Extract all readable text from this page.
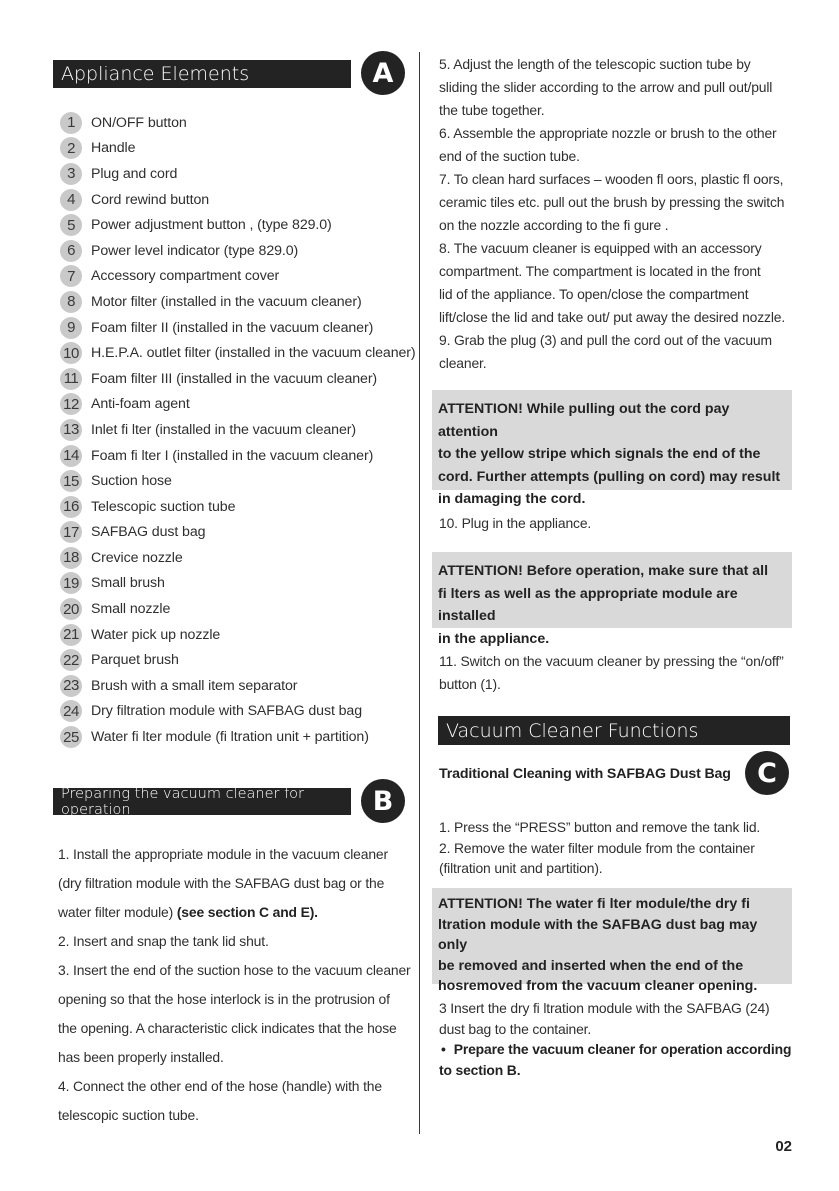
Appliance Elements	A
1	ON/OFF button
2	Handle
3	Plug and cord
4	Cord rewind button
5	Power adjustment button , (type 829.0)
6	Power level indicator (type 829.0)
7	Accessory compartment cover
8	Motor filter (installed in the vacuum cleaner)
9	Foam filter II (installed in the vacuum cleaner)
10 H.E.P.A. outlet filter (installed in the vacuum cleaner)
11 Foam filter III (installed in the vacuum cleaner)
12 Anti-foam agent
13 Inlet fi lter (installed in the vacuum cleaner)
14 Foam fi lter I (installed in the vacuum cleaner)
15 Suction hose
16 Telescopic suction tube
17 SAFBAG dust bag
18 Crevice nozzle
19 Small brush
20 Small nozzle
21 Water pick up nozzle
22 Parquet brush
23 Brush with a small item separator
24 Dry filtration module with SAFBAG dust bag
25 Water fi lter module (fi ltration unit + partition)
Preparing the vacuum cleaner for operation	B

1. Install the appropriate module in the vacuum cleaner

(dry filtration module with the SAFBAG dust bag or the

water filter module) (see section C and E).

2. Insert and snap the tank lid shut.

3. Insert the end of the suction hose to the vacuum cleaner

opening so that the hose interlock is in the protrusion of

the opening. A characteristic click indicates that the hose

has been properly installed.

4. Connect the other end of the hose (handle) with the

telescopic suction tube.

5. Adjust the length of the telescopic suction tube by

sliding the slider according to the arrow and pull out/pull

the tube together.

6. Assemble the appropriate nozzle or brush to the other

end of the suction tube.

7. To clean hard surfaces – wooden fl oors, plastic fl oors,

ceramic tiles etc. pull out the brush by pressing the switch

on the nozzle according to the fi gure .

8. The vacuum cleaner is equipped with an accessory

compartment. The compartment is located in the front

lid of the appliance. To open/close the compartment

lift/close the lid and take out/ put away the desired nozzle.

9. Grab the plug (3) and pull the cord out of the vacuum

cleaner.

ATTENTION! While pulling out the cord pay attention

to the yellow stripe which signals the end of the

cord. Further attempts (pulling on cord) may result

in damaging the cord.

10. Plug in the appliance.

ATTENTION! Before operation, make sure that all

fi lters as well as the appropriate module are installed

in the appliance.

11. Switch on the vacuum cleaner by pressing the “on/off”

button (1).

Vacuum Cleaner Functions

Traditional Cleaning with SAFBAG Dust Bag C

1. Press the “PRESS” button and remove the tank lid.

2. Remove the water filter module from the container

(filtration unit and partition).

ATTENTION! The water fi lter module/the dry fi

ltration module with the SAFBAG dust bag may only

be removed and inserted when the end of the

hosremoved from the vacuum cleaner opening.

3 Insert the dry fi ltration module with the SAFBAG (24)

dust bag to the container.

• Prepare the vacuum cleaner for operation according

to section B.

02
